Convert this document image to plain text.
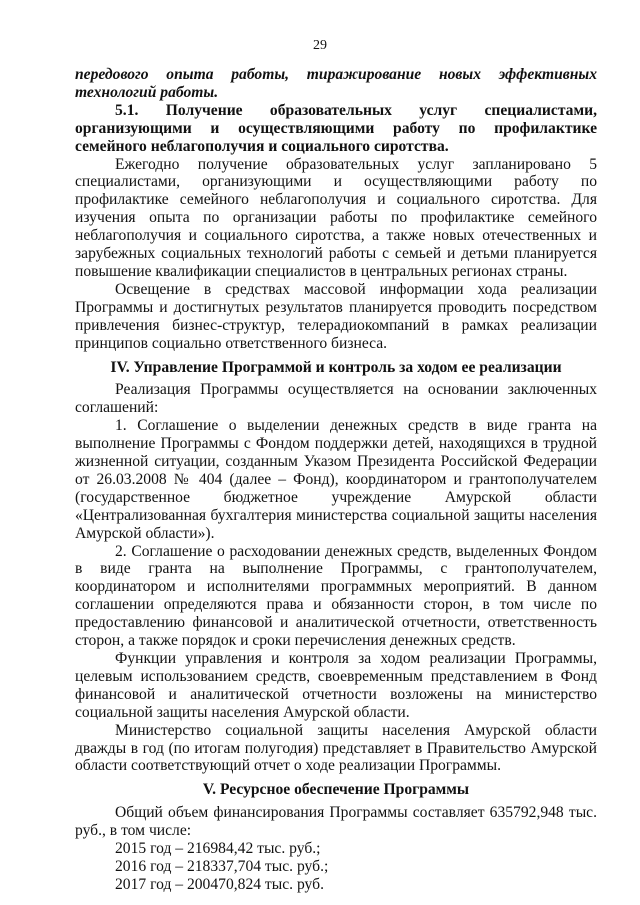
29

передового опыта работы, тиражирование новых эффективных технологий работы.

5.1. Получение образовательных услуг специалистами, организующими и осуществляющими работу по профилактике семейного неблагополучия и социального сиротства.

Ежегодно получение образовательных услуг запланировано 5 специалистами, организующими и осуществляющими работу по профилактике семейного неблагополучия и социального сиротства. Для изучения опыта по организации работы по профилактике семейного неблагополучия и социального сиротства, а также новых отечественных и зарубежных социальных технологий работы с семьей и детьми планируется повышение квалификации специалистов в центральных регионах страны.

Освещение в средствах массовой информации хода реализации Программы и достигнутых результатов планируется проводить посредством привлечения бизнес-структур, телерадиокомпаний в рамках реализации принципов социально ответственного бизнеса.

IV. Управление Программой и контроль за ходом ее реализации

Реализация Программы осуществляется на основании заключенных соглашений:

1. Соглашение о выделении денежных средств в виде гранта на выполнение Программы с Фондом поддержки детей, находящихся в трудной жизненной ситуации, созданным Указом Президента Российской Федерации от 26.03.2008 № 404 (далее – Фонд), координатором и грантополучателем (государственное бюджетное учреждение Амурской области «Централизованная бухгалтерия министерства социальной защиты населения Амурской области»).

2. Соглашение о расходовании денежных средств, выделенных Фондом в виде гранта на выполнение Программы, с грантополучателем, координатором и исполнителями программных мероприятий. В данном соглашении определяются права и обязанности сторон, в том числе по предоставлению финансовой и аналитической отчетности, ответственность сторон, а также порядок и сроки перечисления денежных средств.

Функции управления и контроля за ходом реализации Программы, целевым использованием средств, своевременным представлением в Фонд финансовой и аналитической отчетности возложены на министерство социальной защиты населения Амурской области.

Министерство социальной защиты населения Амурской области дважды в год (по итогам полугодия) представляет в Правительство Амурской области соответствующий отчет о ходе реализации Программы.

V. Ресурсное обеспечение Программы

Общий объем финансирования Программы составляет 635792,948 тыс. руб., в том числе:

2015 год – 216984,42 тыс. руб.;

2016 год – 218337,704 тыс. руб.;

2017 год – 200470,824 тыс. руб.
